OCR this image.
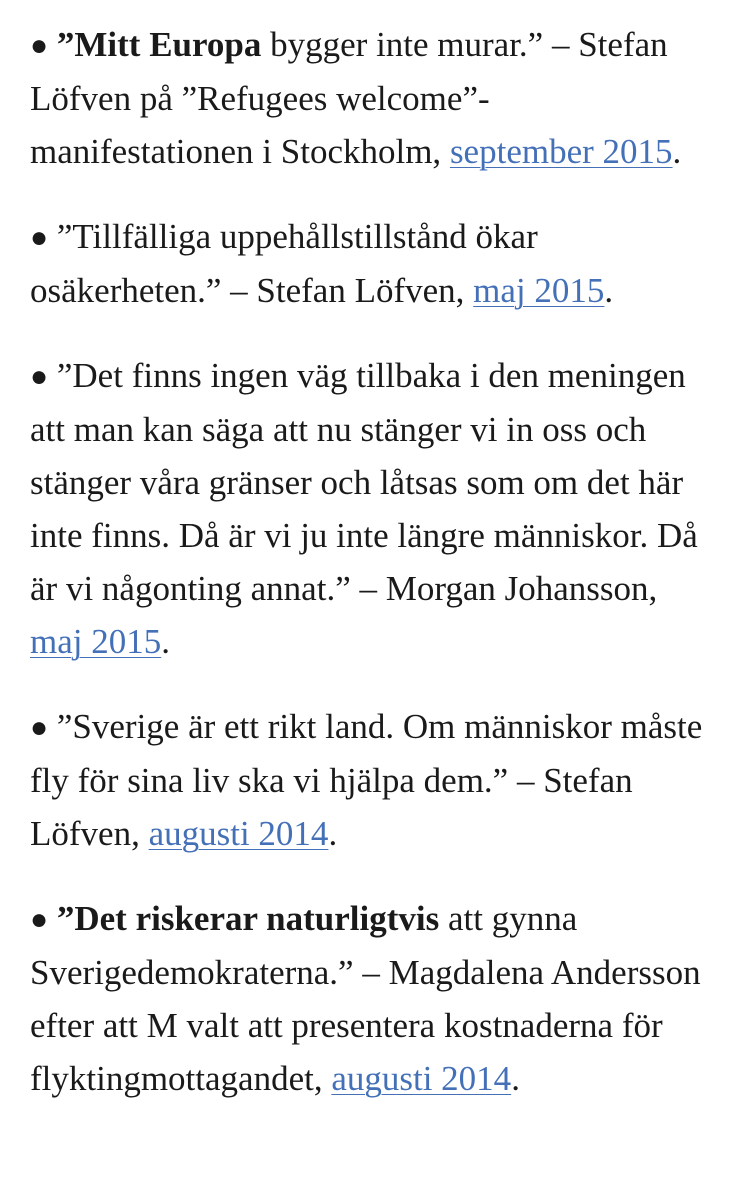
● ”Mitt Europa bygger inte murar.” – Stefan Löfven på ”Refugees welcome”-manifestationen i Stockholm, september 2015.

● ”Tillfälliga uppehållstillstånd ökar osäkerheten.” – Stefan Löfven, maj 2015.

● ”Det finns ingen väg tillbaka i den meningen att man kan säga att nu stänger vi in oss och stänger våra gränser och låtsas som om det här inte finns. Då är vi ju inte längre människor. Då är vi någonting annat.” – Morgan Johansson, maj 2015.

● ”Sverige är ett rikt land. Om människor måste fly för sina liv ska vi hjälpa dem.” – Stefan Löfven, augusti 2014.

● ”Det riskerar naturligtvis att gynna Sverigedemokraterna.” – Magdalena Andersson efter att M valt att presentera kostnaderna för flyktingmottagandet, augusti 2014.
